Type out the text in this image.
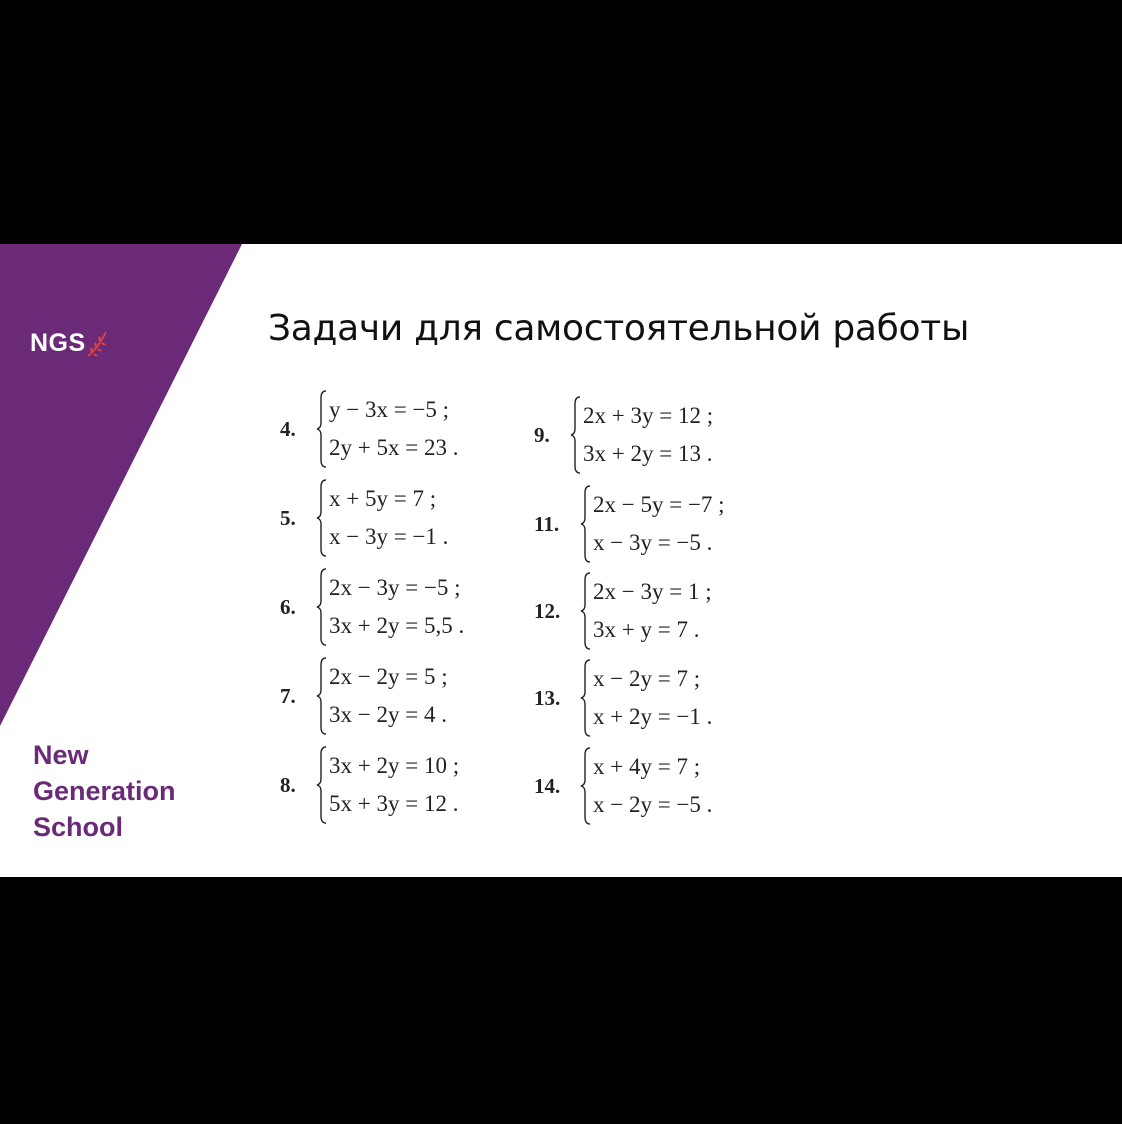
NGS
New
Generation
School
Задачи для самостоятельной работы
4.
y − 3x = −5 ;
2y + 5x = 23 .
5.
x + 5y = 7 ;
x − 3y = −1 .
6.
2x − 3y = −5 ;
3x + 2y = 5,5 .
7.
2x − 2y = 5 ;
3x − 2y = 4 .
8.
3x + 2y = 10 ;
5x + 3y = 12 .
9.
2x + 3y = 12 ;
3x + 2y = 13 .
11.
2x − 5y = −7 ;
x − 3y = −5 .
12.
2x − 3y = 1 ;
3x + y = 7 .
13.
x − 2y = 7 ;
x + 2y = −1 .
14.
x + 4y = 7 ;
x − 2y = −5 .
